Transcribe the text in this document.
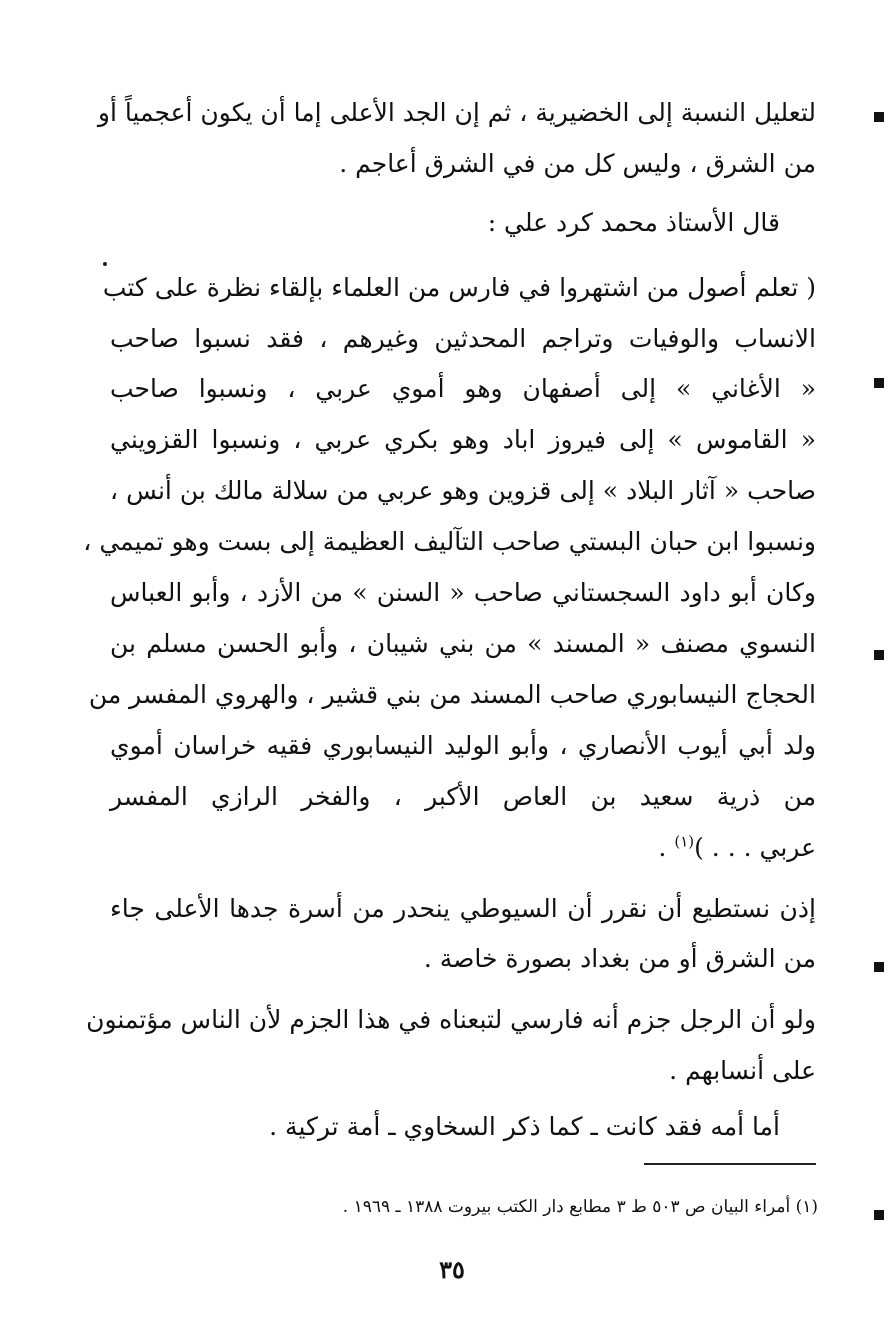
لتعليل النسبة إلى الخضيرية ، ثم إن الجد الأعلى إما أن يكون أعجمياً أو
من الشرق ، وليس كل من في الشرق أعاجم .
قال الأستاذ محمد كرد علي :
( تعلم أصول من اشتهروا في فارس من العلماء بإلقاء نظرة على كتب
الانساب والوفيات وتراجم المحدثين وغيرهم ، فقد نسبوا صاحب
« الأغاني » إلى أصفهان وهو أموي عربي ، ونسبوا صاحب
« القاموس » إلى فيروز اباد وهو بكري عربي ، ونسبوا القزويني
صاحب « آثار البلاد » إلى قزوين وهو عربي من سلالة مالك بن أنس ،
ونسبوا ابن حبان البستي صاحب التآليف العظيمة إلى بست وهو تميمي ،
وكان أبو داود السجستاني صاحب « السنن » من الأزد ، وأبو العباس
النسوي مصنف « المسند » من بني شيبان ، وأبو الحسن مسلم بن
الحجاج النيسابوري صاحب المسند من بني قشير ، والهروي المفسر من
ولد أبي أيوب الأنصاري ، وأبو الوليد النيسابوري فقيه خراسان أموي
من ذرية سعيد بن العاص الأكبر ، والفخر الرازي المفسر
عربي . . . )$^{(١)}$ .
إذن نستطيع أن نقرر أن السيوطي ينحدر من أسرة جدها الأعلى جاء
من الشرق أو من بغداد بصورة خاصة .
ولو أن الرجل جزم أنه فارسي لتبعناه في هذا الجزم لأن الناس مؤتمنون
على أنسابهم .
أما أمه فقد كانت ـ كما ذكر السخاوي ـ أمة تركية .
(١) أمراء البيان ص ٥٠٣ ط ٣ مطابع دار الكتب بيروت ١٣٨٨ ـ ١٩٦٩ .
٣٥
